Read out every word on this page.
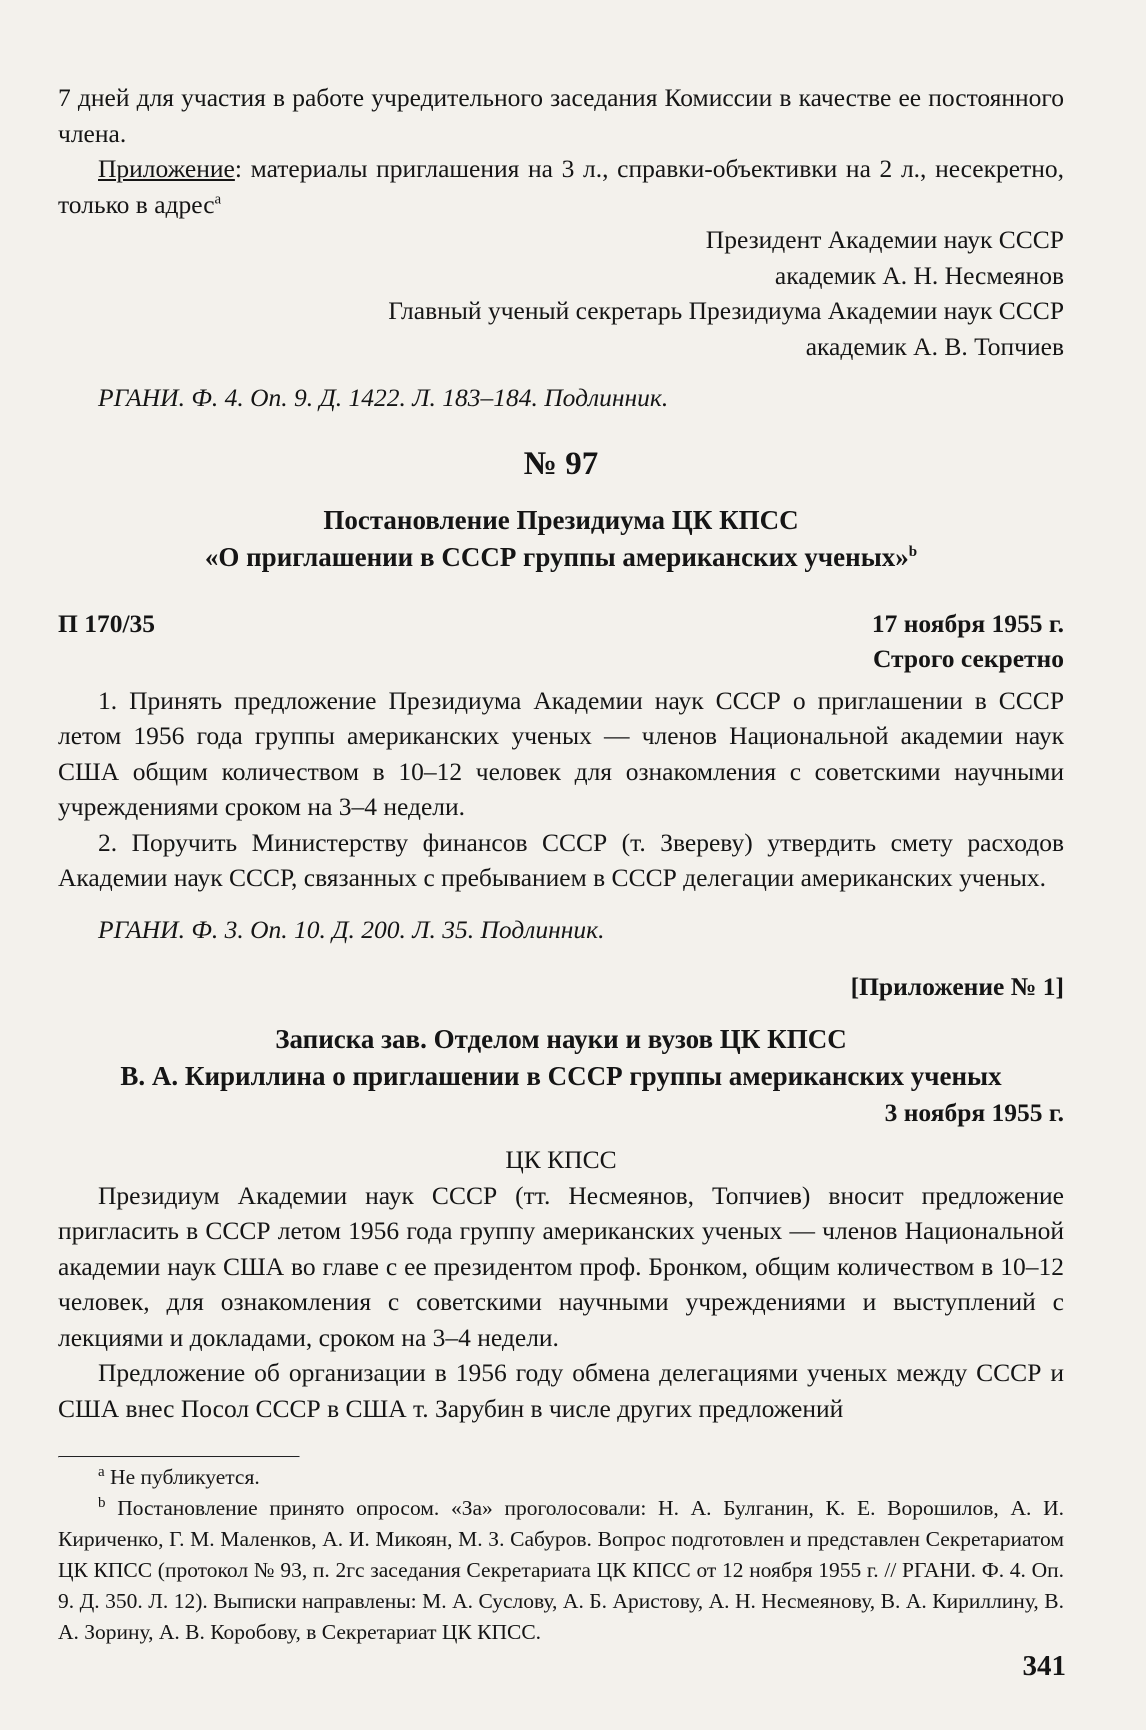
7 дней для участия в работе учредительного заседания Комиссии в качестве ее постоянного члена.

Приложение: материалы приглашения на 3 л., справки-объективки на 2 л., несекретно, только в адрес$^a$

Президент Академии наук СССР

академик А. Н. Несмеянов

Главный ученый секретарь Президиума Академии наук СССР

академик А. В. Топчиев

РГАНИ. Ф. 4. Оп. 9. Д. 1422. Л. 183–184. Подлинник.

№ 97
Постановление Президиума ЦК КПСС
«О приглашении в СССР группы американских ученых»$^b$
П 170/35	17 ноября 1955 г.

Строго секретно

1. Принять предложение Президиума Академии наук СССР о приглашении в СССР летом 1956 года группы американских ученых — членов Национальной академии наук США общим количеством в 10–12 человек для ознакомления с советскими научными учреждениями сроком на 3–4 недели.

2. Поручить Министерству финансов СССР (т. Звереву) утвердить смету расходов Академии наук СССР, связанных с пребыванием в СССР делегации американских ученых.

РГАНИ. Ф. 3. Оп. 10. Д. 200. Л. 35. Подлинник.

[Приложение № 1]

Записка зав. Отделом науки и вузов ЦК КПСС
В. А. Кириллина о приглашении в СССР группы американских ученых

3 ноября 1955 г.

ЦК КПСС

Президиум Академии наук СССР (тт. Несмеянов, Топчиев) вносит предложение пригласить в СССР летом 1956 года группу американских ученых — членов Национальной академии наук США во главе с ее президентом проф. Бронком, общим количеством в 10–12 человек, для ознакомления с советскими научными учреждениями и выступлений с лекциями и докладами, сроком на 3–4 недели.

Предложение об организации в 1956 году обмена делегациями ученых между СССР и США внес Посол СССР в США т. Зарубин в числе других предложений

$^a$ Не публикуется.

$^b$ Постановление принято опросом. «За» проголосовали: Н. А. Булганин, К. Е. Ворошилов, А. И. Кириченко, Г. М. Маленков, А. И. Микоян, М. З. Сабуров. Вопрос подготовлен и представлен Секретариатом ЦК КПСС (протокол № 93, п. 2гс заседания Секретариата ЦК КПСС от 12 ноября 1955 г. // РГАНИ. Ф. 4. Оп. 9. Д. 350. Л. 12). Выписки направлены: М. А. Суслову, А. Б. Аристову, А. Н. Несмеянову, В. А. Кириллину, В. А. Зорину, А. В. Коробову, в Секретариат ЦК КПСС.

341
